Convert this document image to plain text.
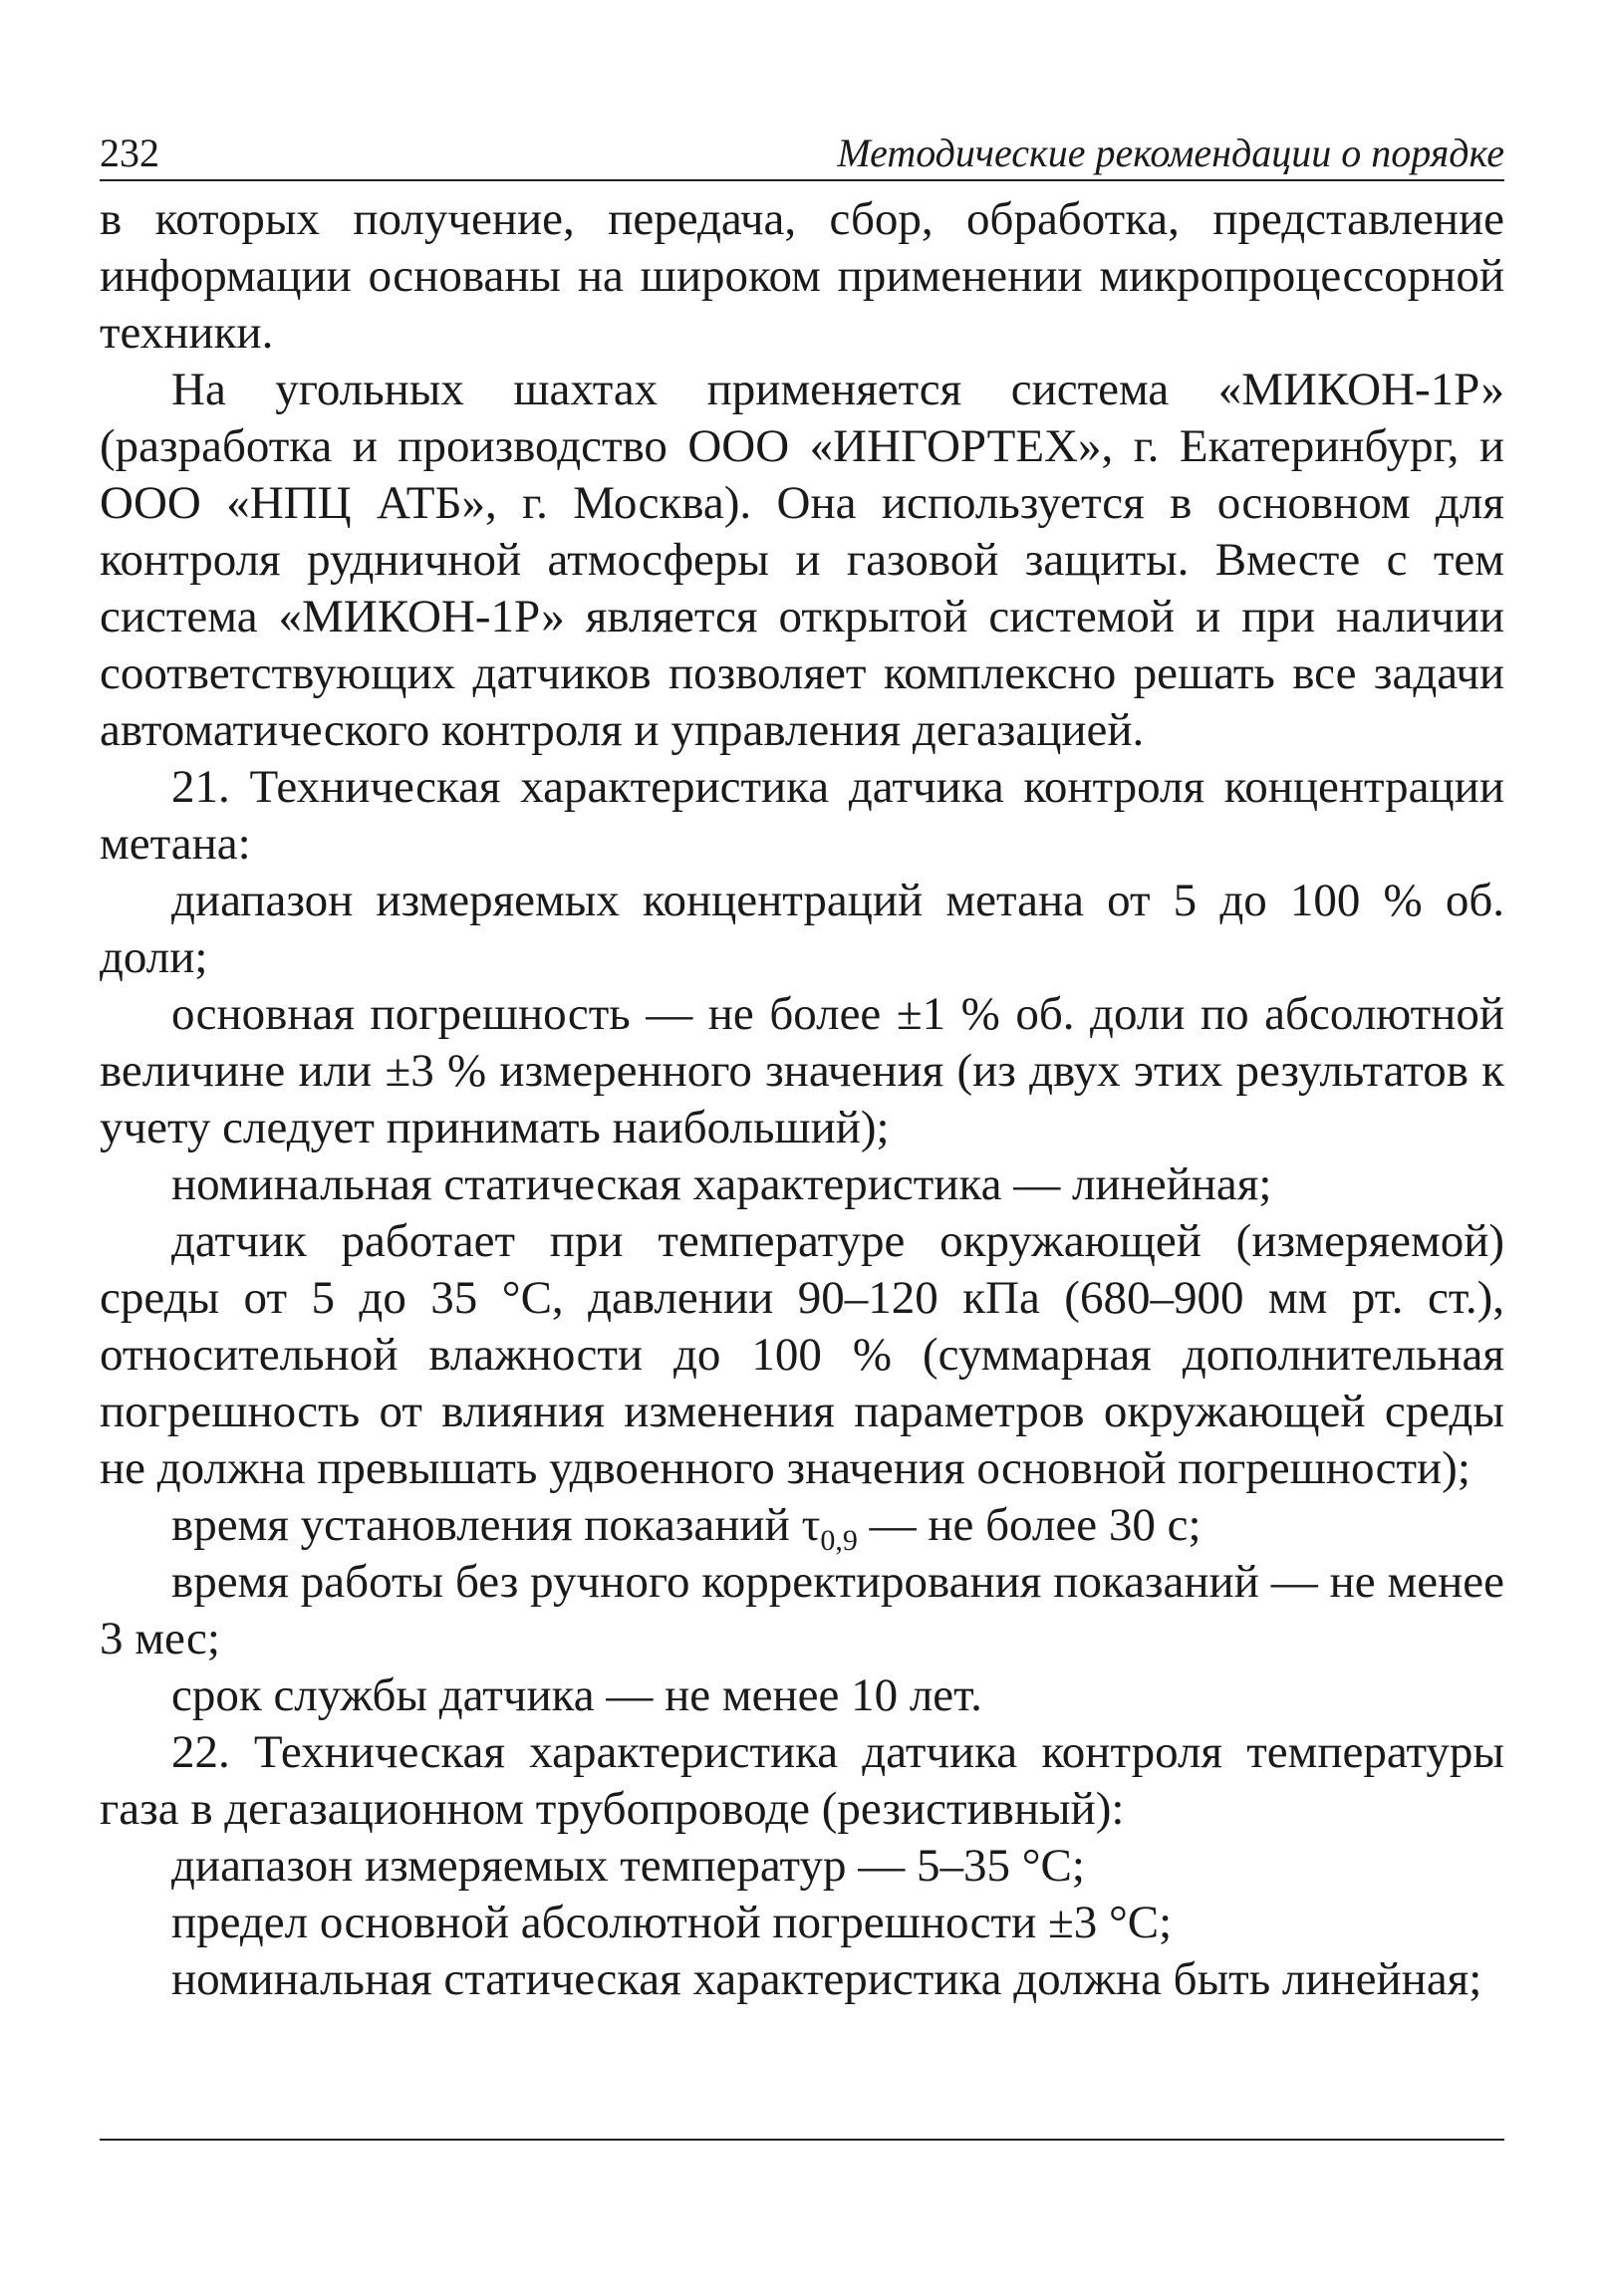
232	Методические рекомендации о порядке

в которых получение, передача, сбор, обработка, представление информации основаны на широком применении микропроцессорной техники.

На угольных шахтах применяется система «МИКОН-1Р» (разработка и производство ООО «ИНГОРТЕХ», г. Екатеринбург, и ООО «НПЦ АТБ», г. Москва). Она используется в основном для контроля рудничной атмосферы и газовой защиты. Вместе с тем система «МИКОН-1Р» является открытой системой и при наличии соответствующих датчиков позволяет комплексно решать все задачи автоматического контроля и управления дегазацией.

21. Техническая характеристика датчика контроля концентрации метана:

диапазон измеряемых концентраций метана от 5 до 100 % об. доли;

основная погрешность — не более ±1 % об. доли по абсолютной величине или ±3 % измеренного значения (из двух этих результатов к учету следует принимать наибольший);

номинальная статическая характеристика — линейная;

датчик работает при температуре окружающей (измеряемой) среды от 5 до 35 °С, давлении 90–120 кПа (680–900 мм рт. ст.), относительной влажности до 100 % (суммарная дополнительная погрешность от влияния изменения параметров окружающей среды не должна превышать удвоенного значения основной погрешности);

время установления показаний $\tau_{0,9}$ — не более 30 с;

время работы без ручного корректирования показаний — не менее 3 мес;

срок службы датчика — не менее 10 лет.

22. Техническая характеристика датчика контроля температуры газа в дегазационном трубопроводе (резистивный):

диапазон измеряемых температур — 5–35 °С;

предел основной абсолютной погрешности ±3 °С;

номинальная статическая характеристика должна быть линейная;
